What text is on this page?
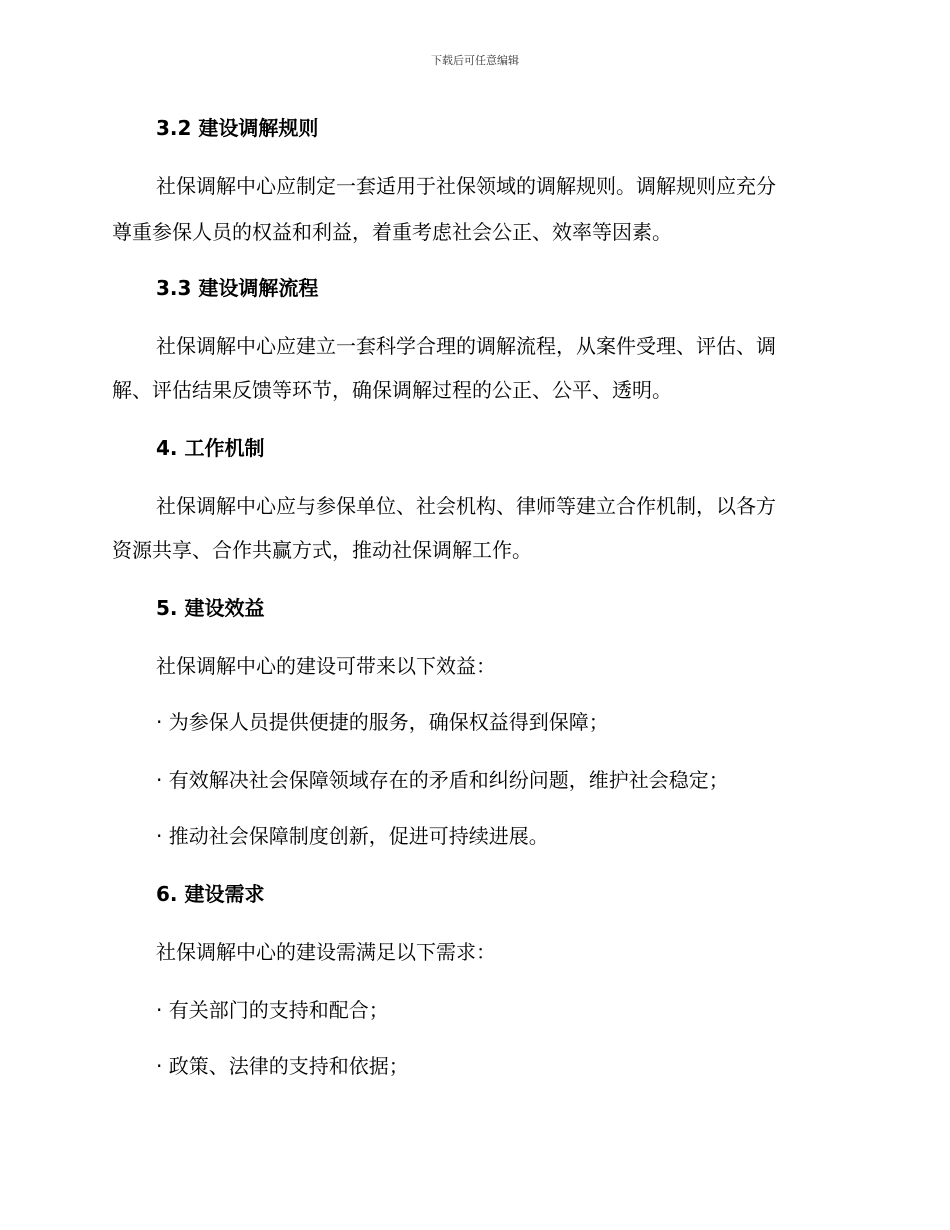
下载后可任意编辑
3.2 建设调解规则
社保调解中心应制定一套适用于社保领域的调解规则。调解规则应充分
尊重参保人员的权益和利益，着重考虑社会公正、效率等因素。
3.3 建设调解流程
社保调解中心应建立一套科学合理的调解流程，从案件受理、评估、调
解、评估结果反馈等环节，确保调解过程的公正、公平、透明。
4. 工作机制
社保调解中心应与参保单位、社会机构、律师等建立合作机制，以各方
资源共享、合作共赢方式，推动社保调解工作。
5. 建设效益
社保调解中心的建设可带来以下效益：
· 为参保人员提供便捷的服务，确保权益得到保障；
· 有效解决社会保障领域存在的矛盾和纠纷问题，维护社会稳定；
· 推动社会保障制度创新，促进可持续进展。
6. 建设需求
社保调解中心的建设需满足以下需求：
· 有关部门的支持和配合；
· 政策、法律的支持和依据；
